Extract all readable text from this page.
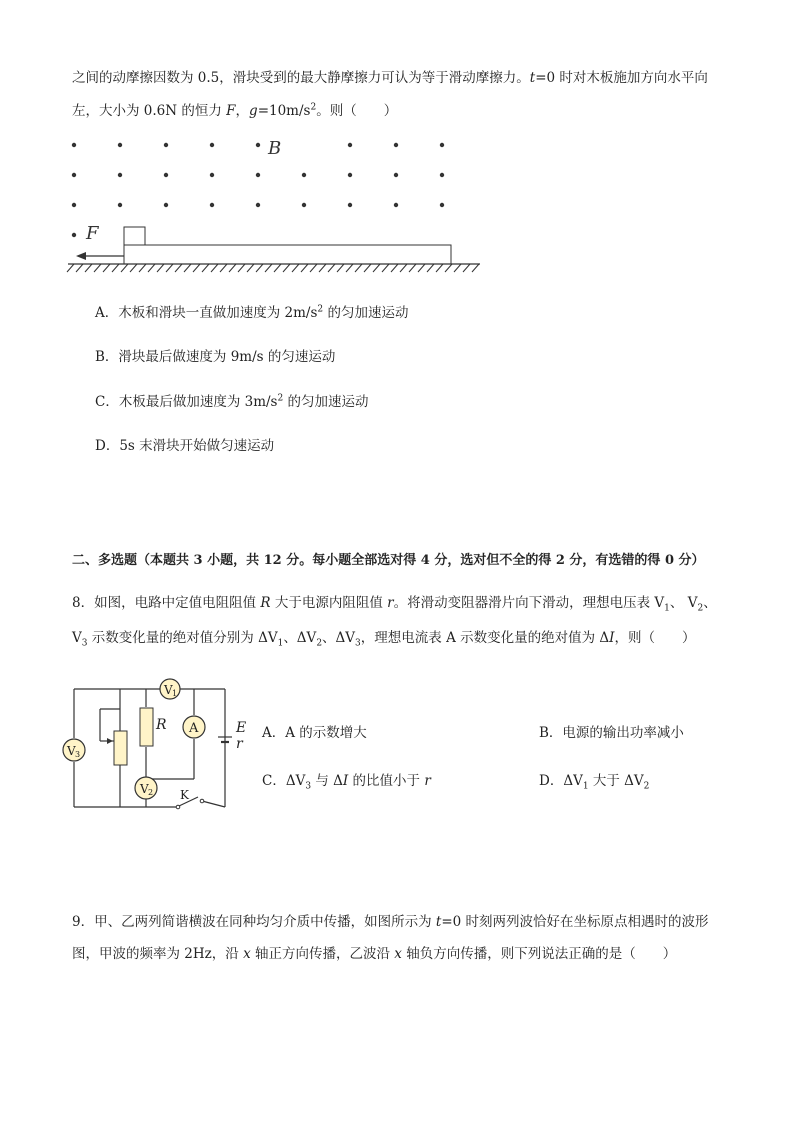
之间的动摩擦因数为 0.5，滑块受到的最大静摩擦力可认为等于滑动摩擦力。t=0 时对木板施加方向水平向
左，大小为 0.6N 的恒力 F，$g=10m/s^2$。则（　　）
B
F
A．木板和滑块一直做加速度为 $2m/s^2$ 的匀加速运动
B．滑块最后做速度为 9m/s 的匀速运动
C．木板最后做加速度为 $3m/s^2$ 的匀加速运动
D．5s 末滑块开始做匀速运动
二、多选题（本题共 3 小题，共 12 分。每小题全部选对得 4 分，选对但不全的得 2 分，有选错的得 0 分）
8．如图，电路中定值电阻阻值 R 大于电源内阻阻值 r。将滑动变阻器滑片向下滑动，理想电压表 $V_1$、 $V_2$、
$V_3$ 示数变化量的绝对值分别为 $\Delta V_1$、$\Delta V_2$、$\Delta V_3$，理想电流表 A 示数变化量的绝对值为 ΔI，则（　　）
V 1
A
V 2
V 3
R	E
r
K
A．A 的示数增大	B．电源的输出功率减小
C．$\Delta V_3$ 与 ΔI 的比值小于 r	D．$\Delta V_1$ 大于 $\Delta V_2$
9．甲、乙两列简谐横波在同种均匀介质中传播，如图所示为 t=0 时刻两列波恰好在坐标原点相遇时的波形
图，甲波的频率为 2Hz，沿 x 轴正方向传播，乙波沿 x 轴负方向传播，则下列说法正确的是（　　）
